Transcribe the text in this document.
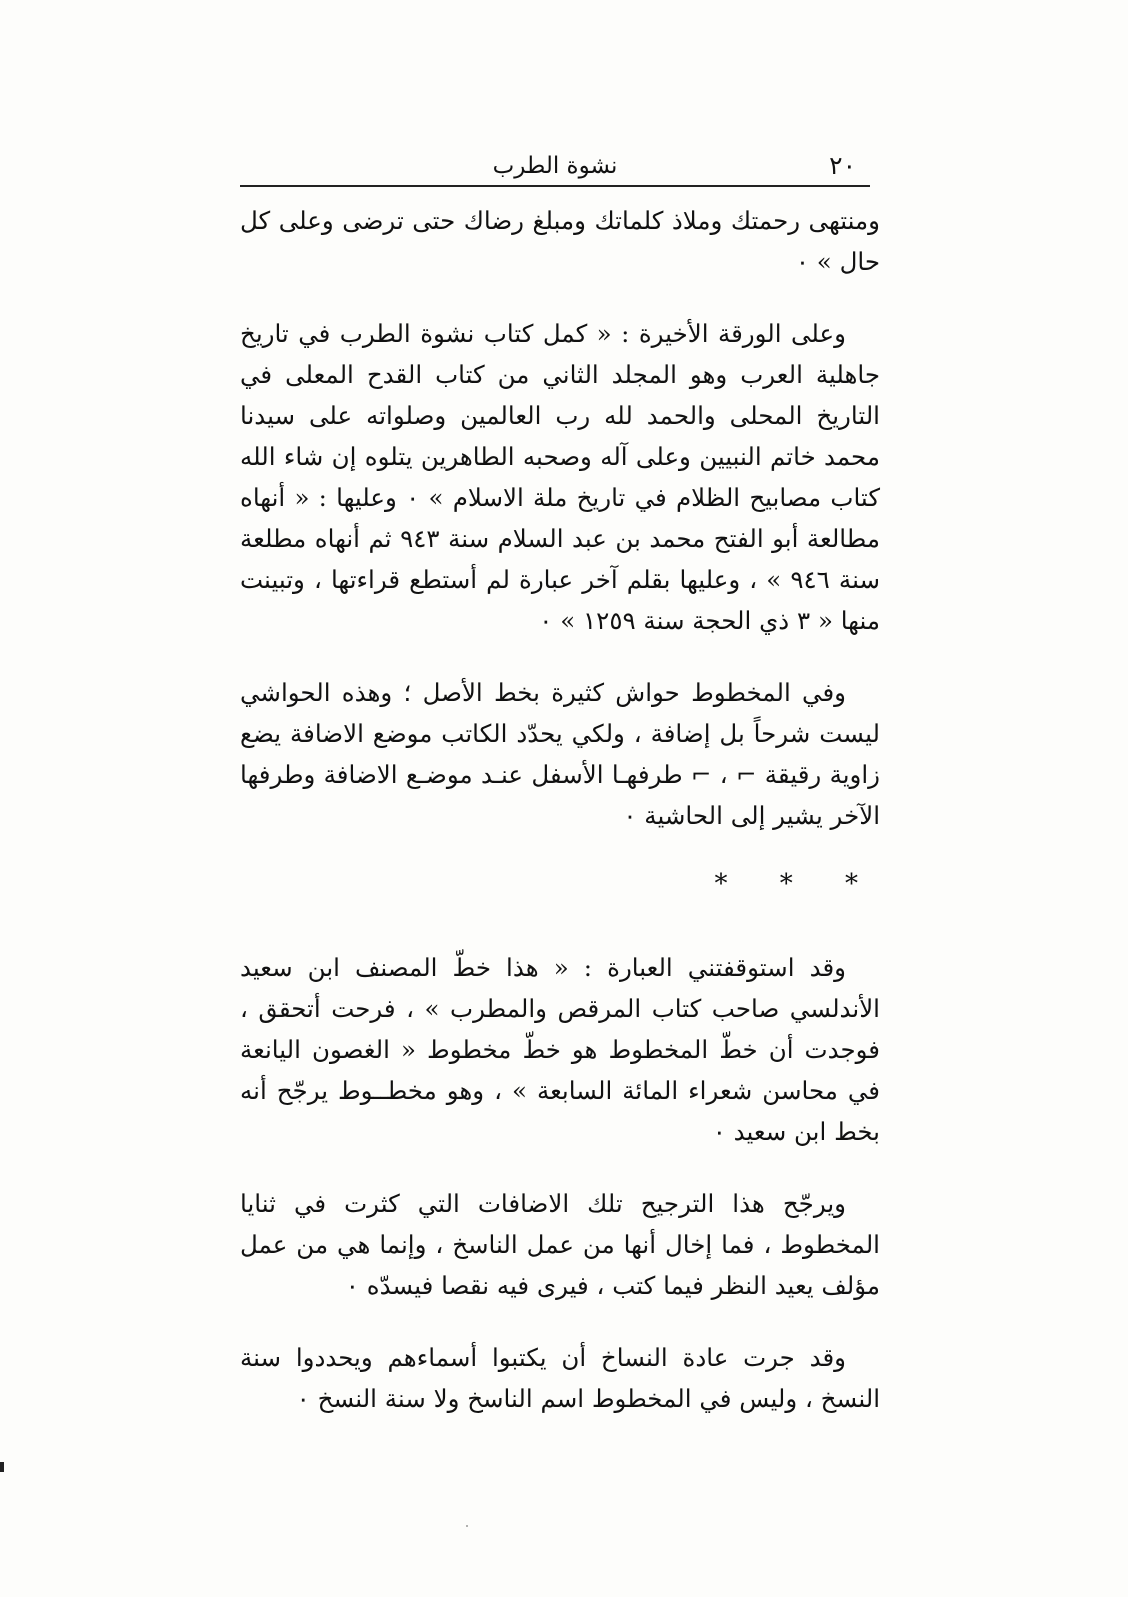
٢٠
نشوة الطرب

ومنتهى رحمتك وملاذ كلماتك ومبلغ رضاك حتى ترضى وعلى كل حال » ٠

وعلى الورقة الأخيرة : « كمل كتاب نشوة الطرب في تاريخ جاهلية العرب وهو المجلد الثاني من كتاب القدح المعلى في التاريخ المحلى والحمد لله رب العالمين وصلواته على سيدنا محمد خاتم النبيين وعلى آله وصحبه الطاهرين يتلوه إن شاء الله كتاب مصابيح الظلام في تاريخ ملة الاسلام » ٠ وعليها : « أنهاه مطالعة أبو الفتح محمد بن عبد السلام سنة ٩٤٣ ثم أنهاه مطلعة سنة ٩٤٦ » ، وعليها بقلم آخر عبارة لم أستطع قراءتها ، وتبينت منها « ٣ ذي الحجة سنة ١٢٥٩ » ٠

وفي المخطوط حواش كثيرة بخط الأصل ؛ وهذه الحواشي ليست شرحاً بل إضافة ، ولكي يحدّد الكاتب موضع الاضافة يضع زاوية رقيقة ⌐ ، ⌐ طرفهـا الأسفل عنـد موضـع الاضافة وطرفها الآخر يشير إلى الحاشية ٠

* * *

وقد استوقفتني العبارة : « هذا خطّ المصنف ابن سعيد الأندلسي صاحب كتاب المرقص والمطرب » ، فرحت أتحقق ، فوجدت أن خطّ المخطوط هو خطّ مخطوط « الغصون اليانعة في محاسن شعراء المائة السابعة » ، وهو مخطــوط يرجّح أنه بخط ابن سعيد ٠

ويرجّح هذا الترجيح تلك الاضافات التي كثرت في ثنايا المخطوط ، فما إخال أنها من عمل الناسخ ، وإنما هي من عمل مؤلف يعيد النظر فيما كتب ، فيرى فيه نقصا فيسدّه ٠

وقد جرت عادة النساخ أن يكتبوا أسماءهم ويحددوا سنة النسخ ، وليس في المخطوط اسم الناسخ ولا سنة النسخ ٠
